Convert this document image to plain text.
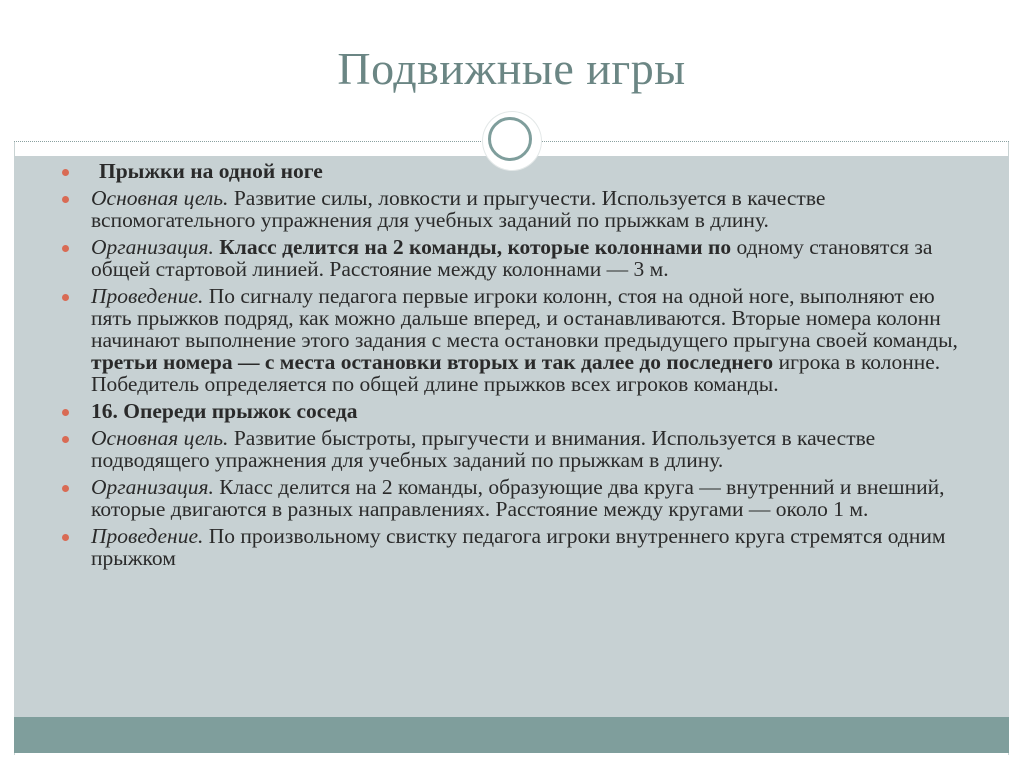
Подвижные игры
Прыжки на одной ноге
Основная цель. Развитие силы, ловкости и прыгучести. Используется в качестве вспомогательного упражнения для учебных заданий по прыжкам в длину.
Организация. Класс делится на 2 команды, которые колоннами по одному становятся за общей стартовой линией. Расстояние между колоннами — 3 м.
Проведение. По сигналу педагога первые игроки колонн, стоя на одной ноге, выполняют ею пять прыжков подряд, как можно дальше вперед, и останавливаются. Вторые номера колонн начинают выполнение этого задания с места остановки предыдущего прыгуна своей команды, третьи номера — с места остановки вторых и так далее до последнего игрока в колонне. Победитель определяется по общей длине прыжков всех игроков команды.
16. Опереди прыжок соседа
Основная цель. Развитие быстроты, прыгучести и внимания. Используется в качестве подводящего упражнения для учебных заданий по прыжкам в длину.
Организация. Класс делится на 2 команды, образующие два круга — внутренний и внешний, которые двигаются в разных направлениях. Расстояние между кругами — около 1 м.
Проведение. По произвольному свистку педагога игроки внутреннего круга стремятся одним прыжком
